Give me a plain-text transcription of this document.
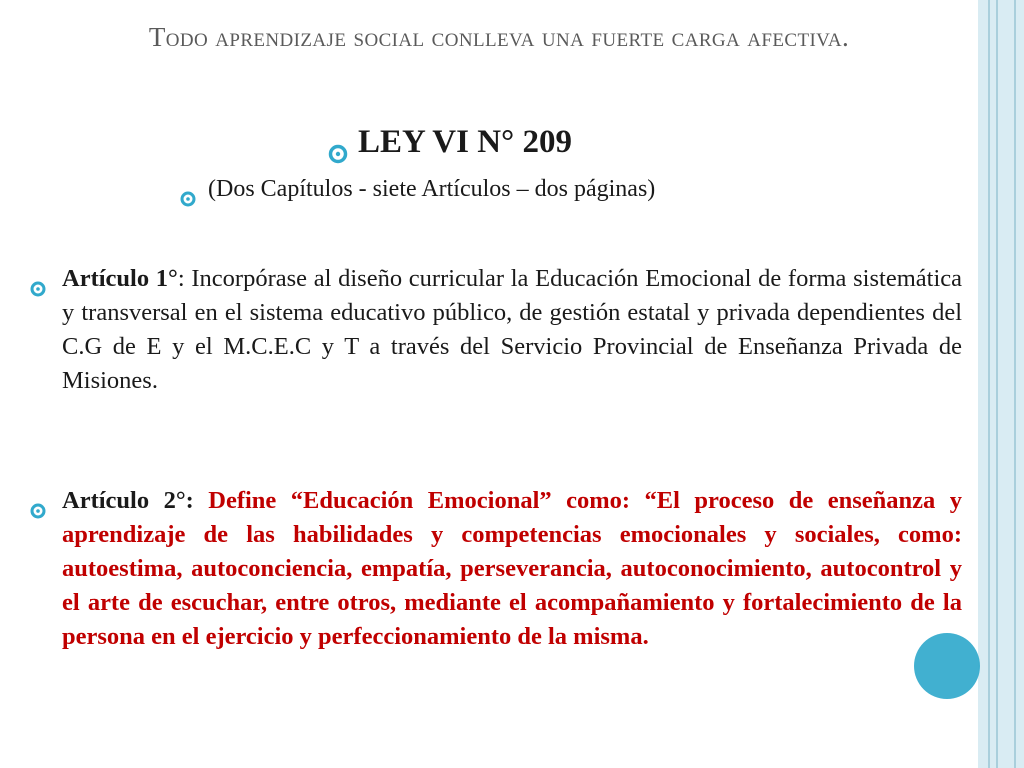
Todo aprendizaje social conlleva una fuerte carga afectiva.
LEY VI N° 209
(Dos Capítulos - siete Artículos – dos páginas)
Artículo 1°: Incorpórase al diseño curricular la Educación Emocional de forma sistemática y transversal en el sistema educativo público, de gestión estatal y privada dependientes del C.G de E y el M.C.E.C y T a través del Servicio Provincial de Enseñanza Privada de Misiones.
Artículo 2°: Define “Educación Emocional” como: “El proceso de enseñanza y aprendizaje de las habilidades y competencias emocionales y sociales, como: autoestima, autoconciencia, empatía, perseverancia, autoconocimiento, autocontrol y el arte de escuchar, entre otros, mediante el acompañamiento y fortalecimiento de la persona en el ejercicio y perfeccionamiento de la misma.
